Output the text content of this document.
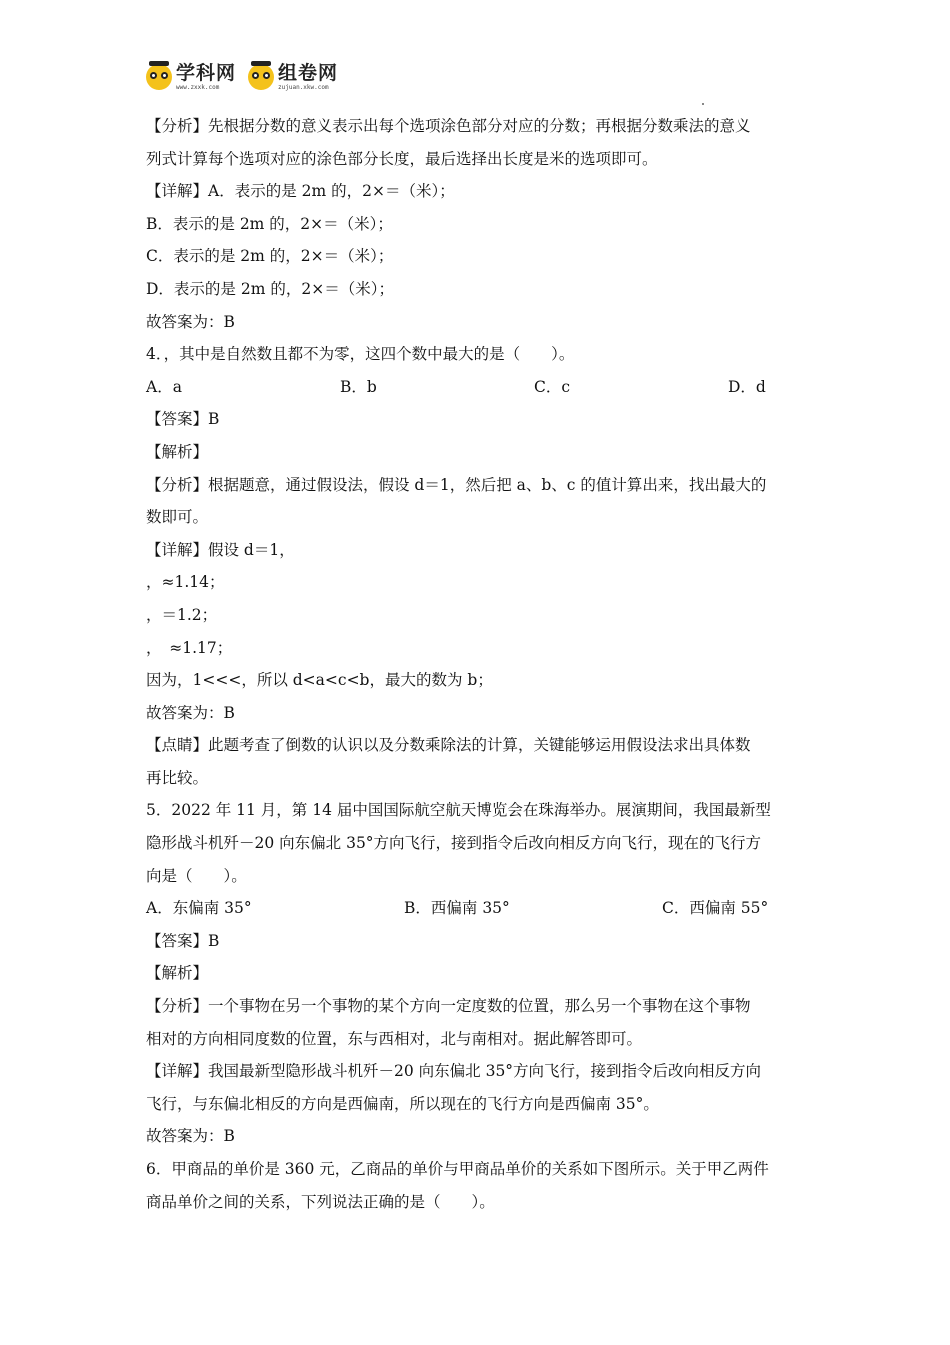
学科网
www.zxxk.com
组卷网
zujuan.xkw.com
【分析】先根据分数的意义表示出每个选项涂色部分对应的分数；再根据分数乘法的意义
列式计算每个选项对应的涂色部分长度，最后选择出长度是米的选项即可。
【详解】A．表示的是 2m 的，2×＝（米）；
B．表示的是 2m 的，2×＝（米）；
C．表示的是 2m 的，2×＝（米）；
D．表示的是 2m 的，2×＝（米）；
故答案为：B
4．，其中是自然数且都不为零，这四个数中最大的是（　　）。
A．a	B．b	C．c	D．d
【答案】B
【解析】
【分析】根据题意，通过假设法，假设 d＝1，然后把 a、b、c 的值计算出来，找出最大的
数即可。
【详解】假设 d＝1，
，≈1.14；
，＝1.2；
，　≈1.17；
因为，1<<<，所以 d<a<c<b，最大的数为 b；
故答案为：B
【点睛】此题考查了倒数的认识以及分数乘除法的计算，关键能够运用假设法求出具体数
再比较。
5．2022 年 11 月，第 14 届中国国际航空航天博览会在珠海举办。展演期间，我国最新型
隐形战斗机歼－20 向东偏北 35°方向飞行，接到指令后改向相反方向飞行，现在的飞行方
向是（　　）。
A．东偏南 35°	B．西偏南 35°	C．西偏南 55°
【答案】B
【解析】
【分析】一个事物在另一个事物的某个方向一定度数的位置，那么另一个事物在这个事物
相对的方向相同度数的位置，东与西相对，北与南相对。据此解答即可。
【详解】我国最新型隐形战斗机歼－20 向东偏北 35°方向飞行，接到指令后改向相反方向
飞行，与东偏北相反的方向是西偏南，所以现在的飞行方向是西偏南 35°。
故答案为：B
6．甲商品的单价是 360 元，乙商品的单价与甲商品单价的关系如下图所示。关于甲乙两件
商品单价之间的关系，下列说法正确的是（　　）。
